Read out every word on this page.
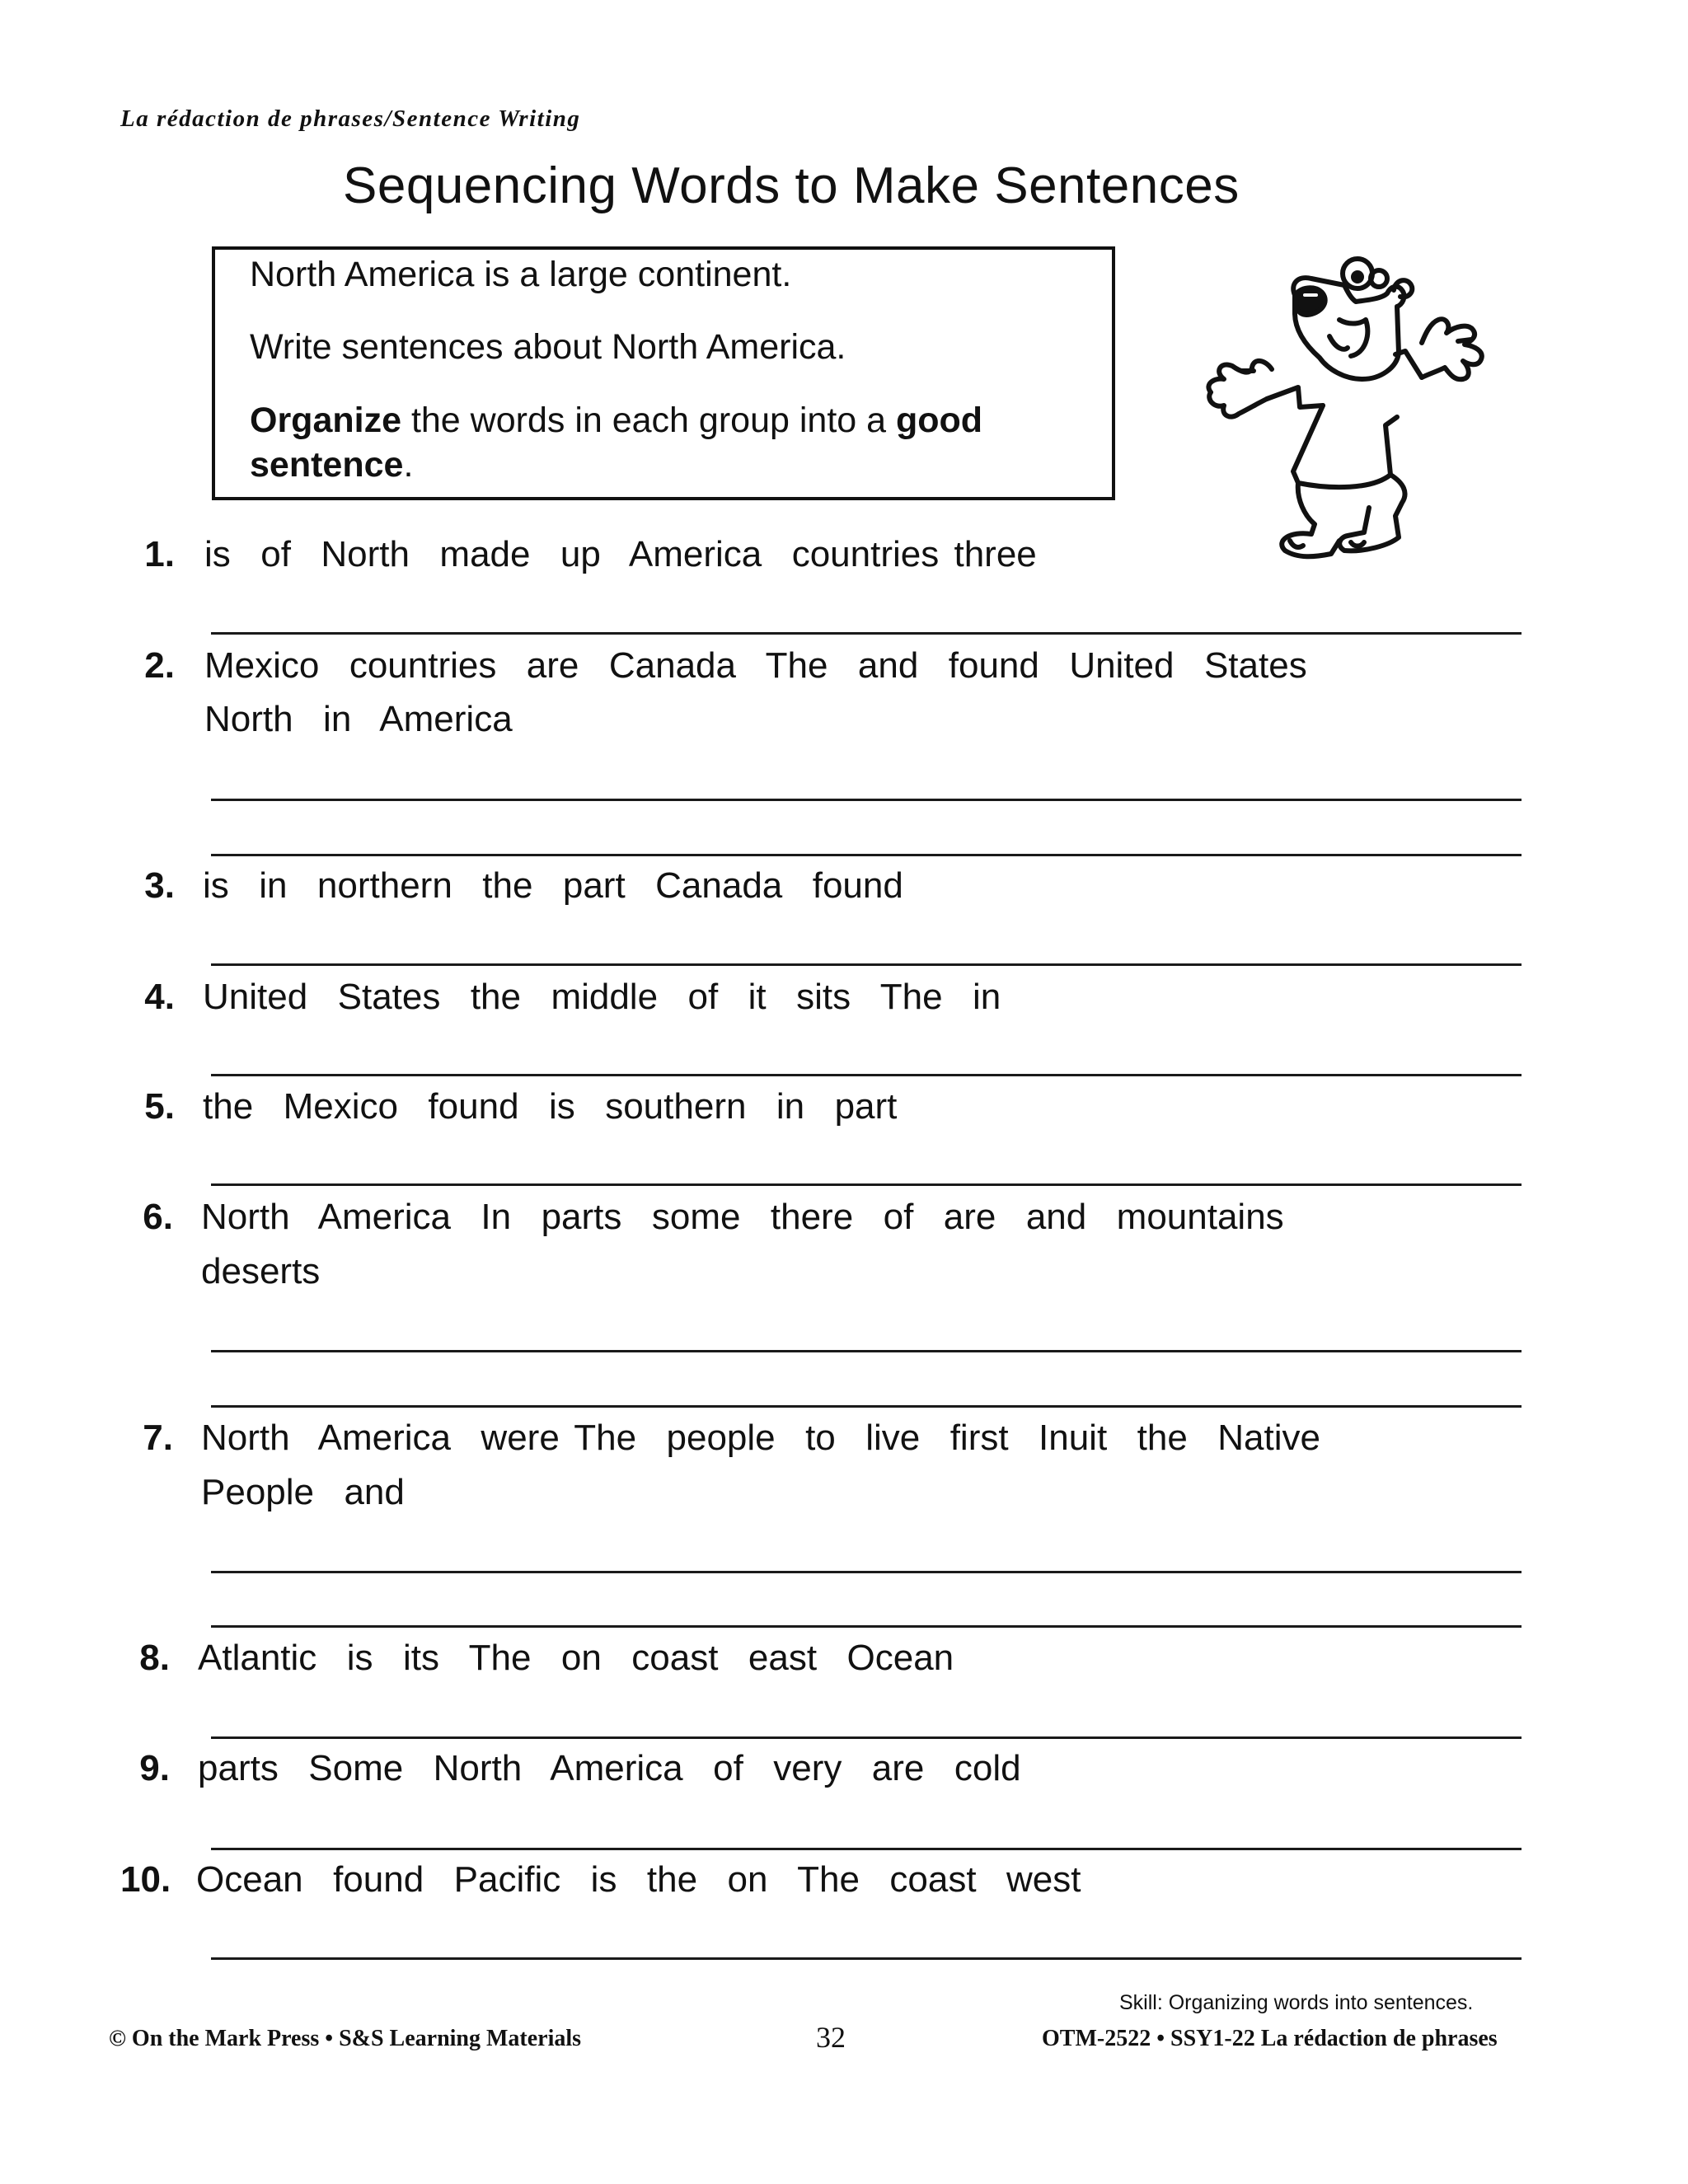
La rédaction de phrases/Sentence Writing
Sequencing Words to Make Sentences

North America is a large continent.

Write sentences about North America.

Organize the words in each group into a good

sentence.

1. is  of  North  made  up  America  countries three
2. Mexico  countries  are  Canada  The  and  found  United  States
North  in  America
3. is  in  northern  the  part  Canada  found
4. United  States  the  middle  of  it  sits  The  in
5. the  Mexico  found  is  southern  in  part
6. North  America  In  parts  some  there  of  are  and  mountains
deserts
7. North  America  were The  people  to  live  first  Inuit  the  Native
People  and
8. Atlantic  is  its  The  on  coast  east  Ocean
9. parts  Some  North  America  of  very  are  cold
10. Ocean  found  Pacific  is  the  on  The  coast  west
Skill: Organizing words into sentences.
© On the Mark Press • S&S Learning Materials	32	OTM-2522 • SSY1-22 La rédaction de phrases
